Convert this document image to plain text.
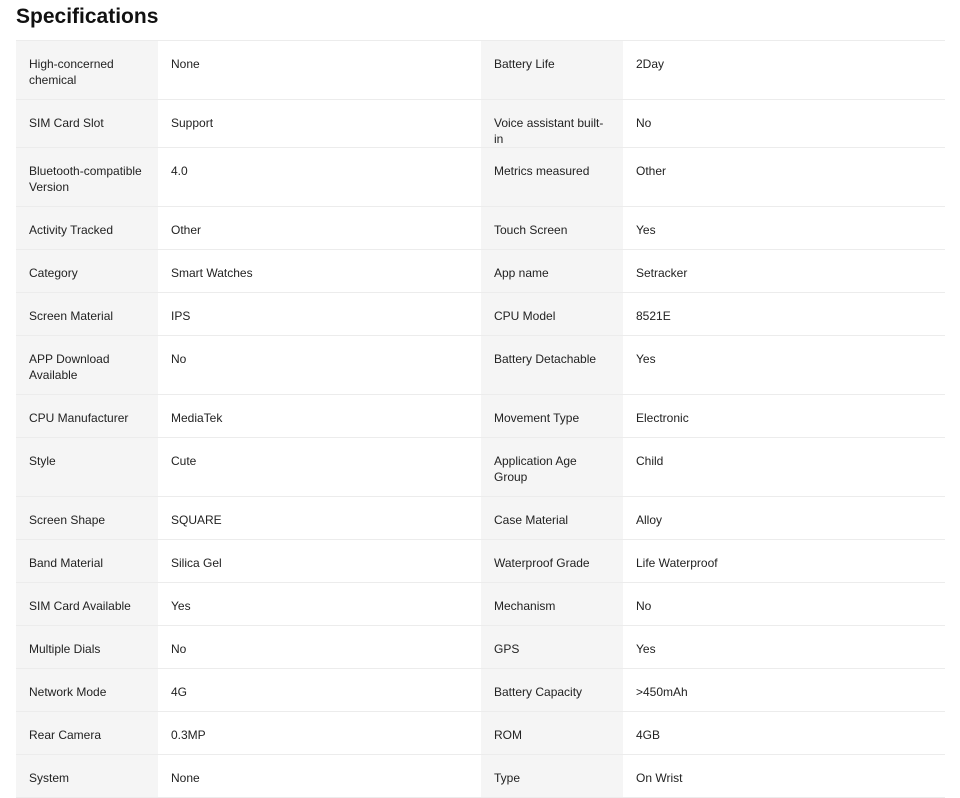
Specifications
High-concerned chemical	None	Battery Life	2Day
SIM Card Slot	Support	Voice assistant built-in	No
Bluetooth-compatible Version	4.0	Metrics measured	Other
Activity Tracked	Other	Touch Screen	Yes
Category	Smart Watches	App name	Setracker
Screen Material	IPS	CPU Model	8521E
APP Download Available	No	Battery Detachable	Yes
CPU Manufacturer	MediaTek	Movement Type	Electronic
Style	Cute	Application Age Group	Child
Screen Shape	SQUARE	Case Material	Alloy
Band Material	Silica Gel	Waterproof Grade	Life Waterproof
SIM Card Available	Yes	Mechanism	No
Multiple Dials	No	GPS	Yes
Network Mode	4G	Battery Capacity	>450mAh
Rear Camera	0.3MP	ROM	4GB
System	None	Type	On Wrist
